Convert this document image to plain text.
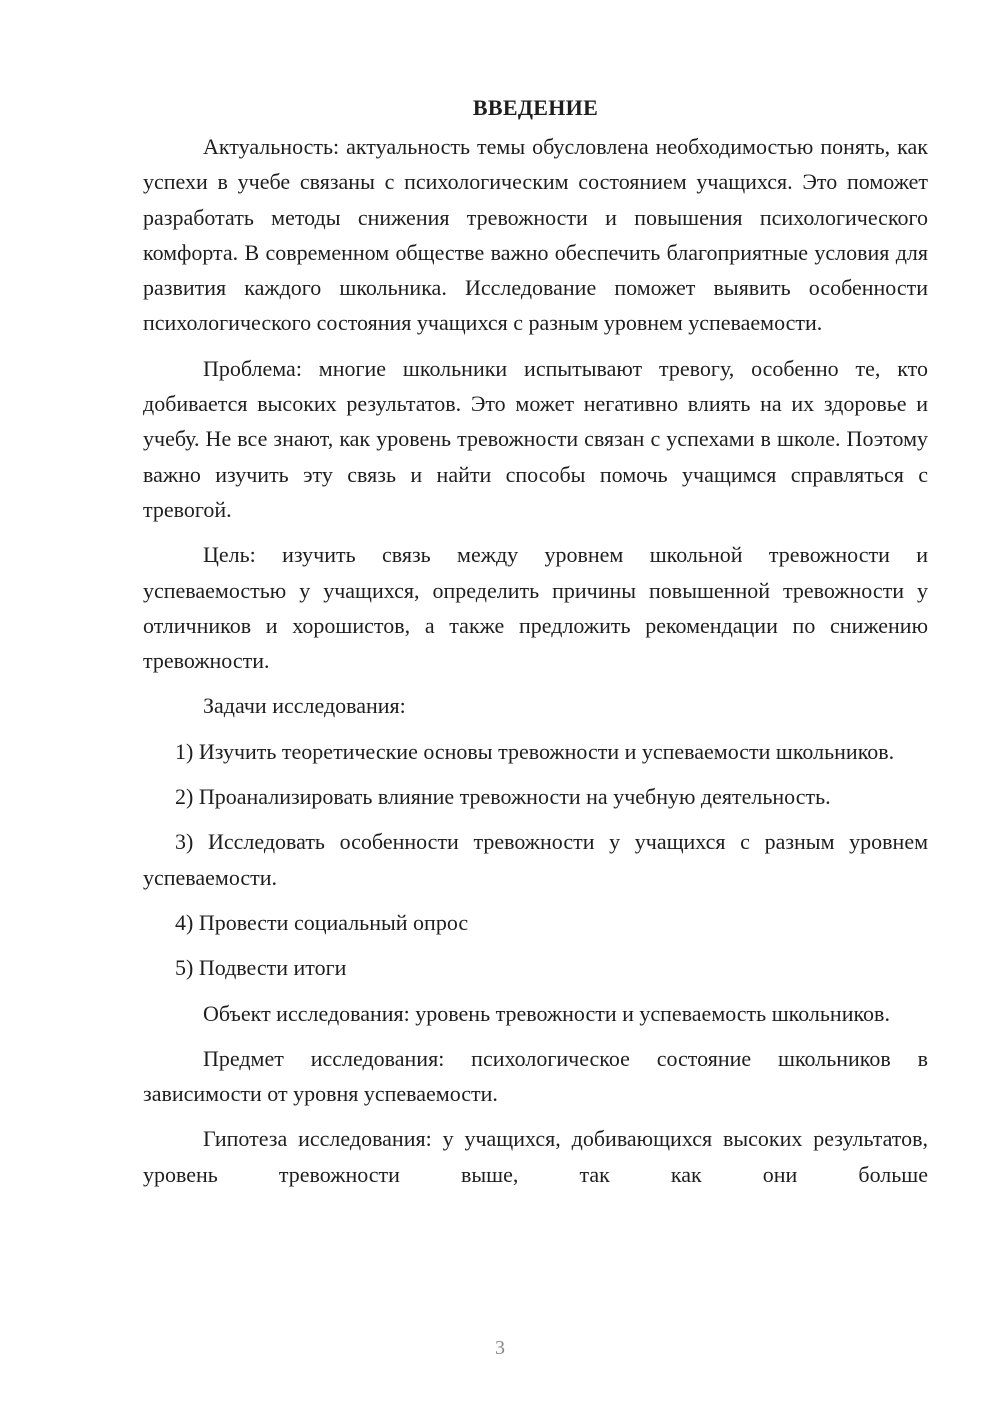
ВВЕДЕНИЕ

Актуальность: актуальность темы обусловлена необходимостью понять, как успехи в учебе связаны с психологическим состоянием учащихся. Это поможет разработать методы снижения тревожности и повышения психологического комфорта. В современном обществе важно обеспечить благоприятные условия для развития каждого школьника. Исследование поможет выявить особенности психологического состояния учащихся с разным уровнем успеваемости.

Проблема: многие школьники испытывают тревогу, особенно те, кто добивается высоких результатов. Это может негативно влиять на их здоровье и учебу. Не все знают, как уровень тревожности связан с успехами в школе. Поэтому важно изучить эту связь и найти способы помочь учащимся справляться с тревогой.

Цель: изучить связь между уровнем школьной тревожности и успеваемостью у учащихся, определить причины повышенной тревожности у отличников и хорошистов, а также предложить рекомендации по снижению тревожности.

Задачи исследования:

1) Изучить теоретические основы тревожности и успеваемости школьников.

2) Проанализировать влияние тревожности на учебную деятельность.

3) Исследовать особенности тревожности у учащихся с разным уровнем успеваемости.

4) Провести социальный опрос

5) Подвести итоги

Объект исследования: уровень тревожности и успеваемость школьников.

Предмет исследования: психологическое состояние школьников в зависимости от уровня успеваемости.

Гипотеза исследования: у учащихся, добивающихся высоких результатов, уровень тревожности выше, так как они больше

3
